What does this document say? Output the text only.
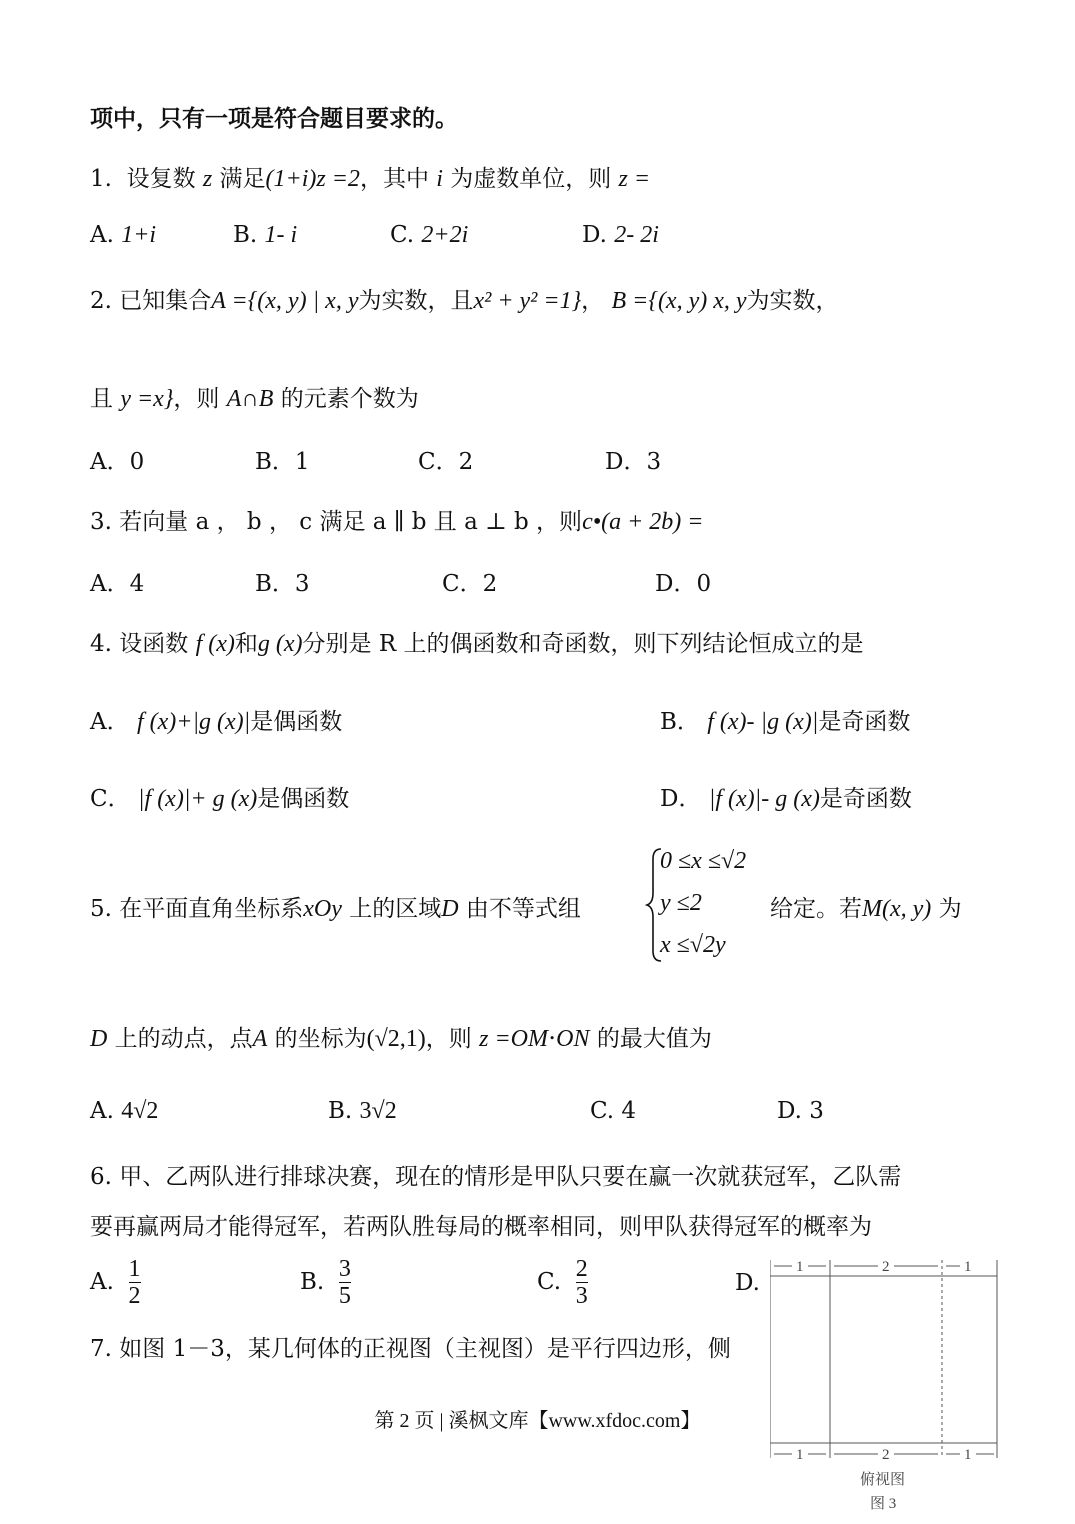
项中，只有一项是符合题目要求的。
1. 设复数 z 满足(1+i)z =2，其中 i 为虚数单位，则 z =
A. 1+i	B. 1- i	C. 2+2i	D. 2- 2i
2. 已知集合A ={(x, y) | x, y为实数，且x² + y² =1}， B ={(x, y) x, y为实数，
且 y =x}，则 A∩B 的元素个数为
A．0	B．1	C．2	D．3
3. 若向量 a ， b ， c 满足 a ∥ b 且 a ⊥ b ，则c•(a + 2b) =
A．4	B．3	C．2	D．0
4. 设函数 f (x)和g (x)分别是 R 上的偶函数和奇函数，则下列结论恒成立的是
A． f (x)+|g (x)|是偶函数	B． f (x)- |g (x)|是奇函数
C． |f (x)|+ g (x)是偶函数	D． |f (x)|- g (x)是奇函数
5. 在平面直角坐标系xOy 上的区域D 由不等式组
0 ≤x ≤√2
y ≤2
x ≤√2y
给定。若M(x, y) 为
D 上的动点，点A 的坐标为(√2,1)，则 z =OM⋅ON 的最大值为
A. 4√2	B. 3√2	C. 4	D. 3
6. 甲、乙两队进行排球决赛，现在的情形是甲队只要在赢一次就获冠军，乙队需
要再赢两局才能得冠军，若两队胜每局的概率相同，则甲队获得冠军的概率为
A. $\frac{1}{2}$	B. $\frac{3}{5}$	C. $\frac{2}{3}$	D.
7. 如图 1－3，某几何体的正视图（主视图）是平行四边形，侧
1	2	1
1	2	1
俯视图
图 3
第 2 页 | 溪枫文库【www.xfdoc.com】
